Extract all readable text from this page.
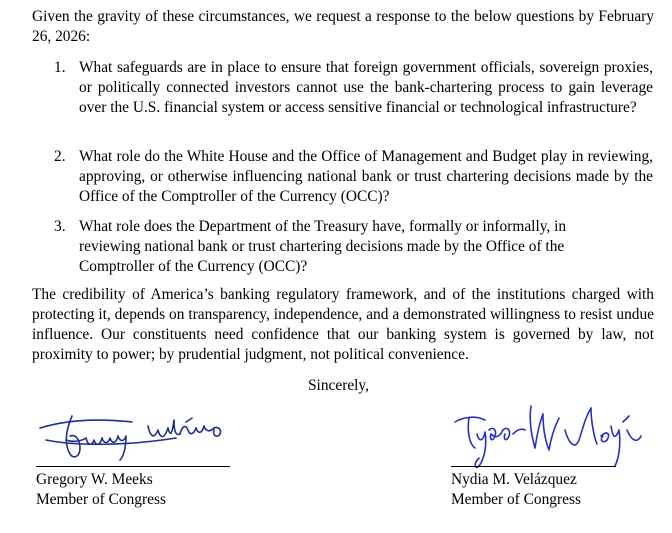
Given the gravity of these circumstances, we request a response to the below questions by February 26, 2026:

1. What safeguards are in place to ensure that foreign government officials, sovereign proxies, or politically connected investors cannot use the bank-chartering process to gain leverage over the U.S. financial system or access sensitive financial or technological infrastructure?

2. What role do the White House and the Office of Management and Budget play in reviewing, approving, or otherwise influencing national bank or trust chartering decisions made by the Office of the Comptroller of the Currency (OCC)?

3. What role does the Department of the Treasury have, formally or informally, in reviewing national bank or trust chartering decisions made by the Office of the Comptroller of the Currency (OCC)?

The credibility of America’s banking regulatory framework, and of the institutions charged with protecting it, depends on transparency, independence, and a demonstrated willingness to resist undue influence. Our constituents need confidence that our banking system is governed by law, not proximity to power; by prudential judgment, not political convenience.

Sincerely,
Gregory W. Meeks
Member of Congress
Nydia M. Velázquez
Member of Congress
